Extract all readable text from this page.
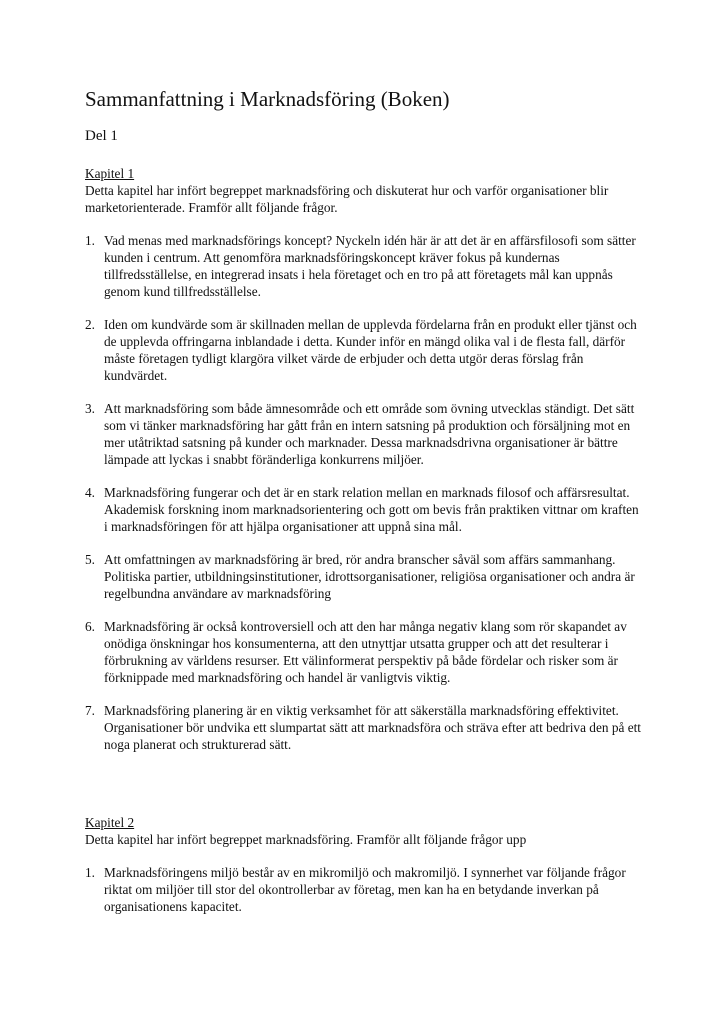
Sammanfattning i Marknadsföring (Boken)
Del 1
Kapitel 1
Detta kapitel har infört begreppet marknadsföring och diskuterat hur och varför organisationer blir marketorienterade. Framför allt följande frågor.
1. Vad menas med marknadsförings koncept? Nyckeln idén här är att det är en affärsfilosofi som sätter kunden i centrum. Att genomföra marknadsföringskoncept kräver fokus på kundernas tillfredsställelse, en integrerad insats i hela företaget och en tro på att företagets mål kan uppnås genom kund tillfredsställelse.
2. Iden om kundvärde som är skillnaden mellan de upplevda fördelarna från en produkt eller tjänst och de upplevda offringarna inblandade i detta. Kunder inför en mängd olika val i de flesta fall, därför måste företagen tydligt klargöra vilket värde de erbjuder och detta utgör deras förslag från kundvärdet.
3. Att marknadsföring som både ämnesområde och ett område som övning utvecklas ständigt. Det sätt som vi tänker marknadsföring har gått från en intern satsning på produktion och försäljning mot en mer utåtriktad satsning på kunder och marknader. Dessa marknadsdrivna organisationer är bättre lämpade att lyckas i snabbt föränderliga konkurrens miljöer.
4. Marknadsföring fungerar och det är en stark relation mellan en marknads filosof och affärsresultat. Akademisk forskning inom marknadsorientering och gott om bevis från praktiken vittnar om kraften i marknadsföringen för att hjälpa organisationer att uppnå sina mål.
5. Att omfattningen av marknadsföring är bred, rör andra branscher såväl som affärs sammanhang. Politiska partier, utbildningsinstitutioner, idrottsorganisationer, religiösa organisationer och andra är regelbundna användare av marknadsföring
6. Marknadsföring är också kontroversiell och att den har många negativ klang som rör skapandet av onödiga önskningar hos konsumenterna, att den utnyttjar utsatta grupper och att det resulterar i förbrukning av världens resurser. Ett välinformerat perspektiv på både fördelar och risker som är förknippade med marknadsföring och handel är vanligtvis viktig.
7. Marknadsföring planering är en viktig verksamhet för att säkerställa marknadsföring effektivitet. Organisationer bör undvika ett slumpartat sätt att marknadsföra och sträva efter att bedriva den på ett noga planerat och strukturerad sätt.
Kapitel 2
Detta kapitel har infört begreppet marknadsföring. Framför allt följande frågor upp
1. Marknadsföringens miljö består av en mikromiljö och makromiljö. I synnerhet var följande frågor riktat om miljöer till stor del okontrollerbar av företag, men kan ha en betydande inverkan på organisationens kapacitet.
